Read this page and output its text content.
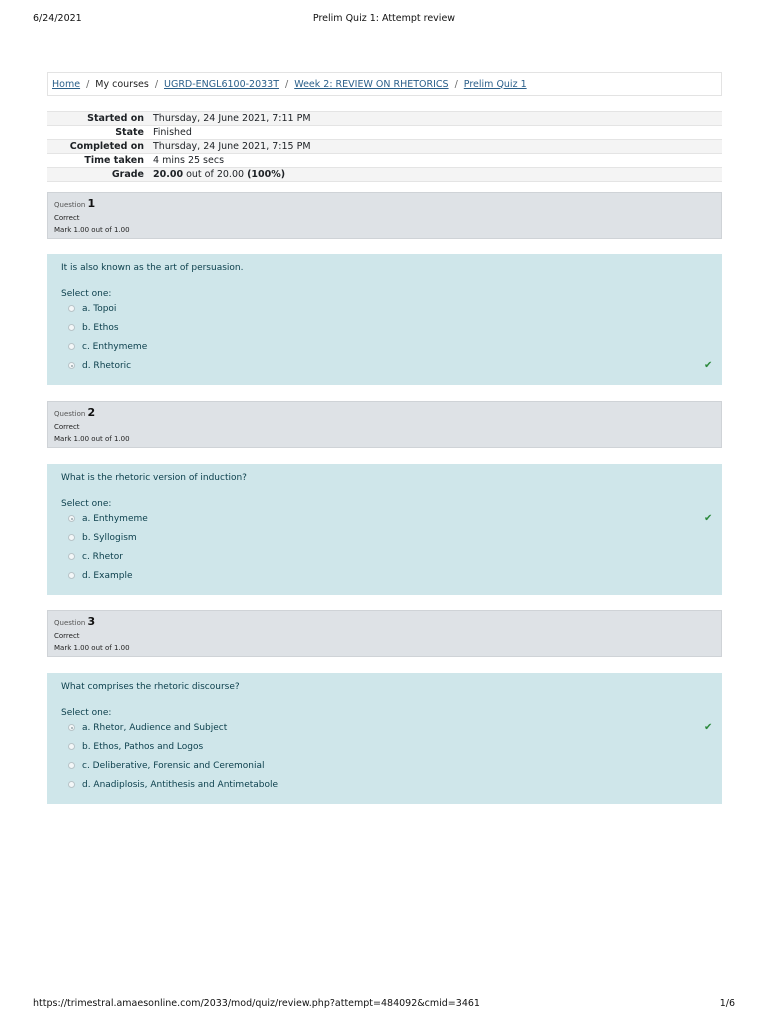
6/24/2021	Prelim Quiz 1: Attempt review
Home / My courses / UGRD-ENGL6100-2033T / Week 2: REVIEW ON RHETORICS / Prelim Quiz 1
Started on	Thursday, 24 June 2021, 7:11 PM
State	Finished
Completed on	Thursday, 24 June 2021, 7:15 PM
Time taken	4 mins 25 secs
Grade	20.00 out of 20.00 (100%)
Question 1
Correct
Mark 1.00 out of 1.00
It is also known as the art of persuasion.
Select one:
a. Topoi
b. Ethos
c. Enthymeme
d. Rhetoric	✔
Question 2
Correct
Mark 1.00 out of 1.00
What is the rhetoric version of induction?
Select one:
a. Enthymeme	✔
b. Syllogism
c. Rhetor
d. Example
Question 3
Correct
Mark 1.00 out of 1.00
What comprises the rhetoric discourse?
Select one:
a. Rhetor, Audience and Subject	✔
b. Ethos, Pathos and Logos
c. Deliberative, Forensic and Ceremonial
d. Anadiplosis, Antithesis and Antimetabole
https://trimestral.amaesonline.com/2033/mod/quiz/review.php?attempt=484092&cmid=3461	1/6
